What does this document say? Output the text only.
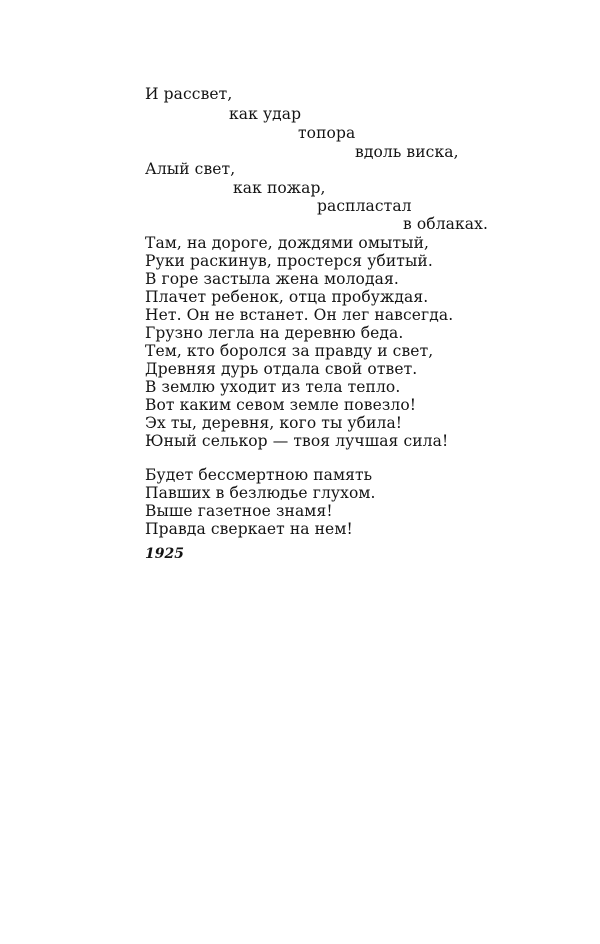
И рассвет,
как удар
топора
вдоль виска,
Алый свет,
как пожар,
распластал
в облаках.
Там, на дороге, дождями омытый,
Руки раскинув, простерся убитый.
В горе застыла жена молодая.
Плачет ребенок, отца пробуждая.
Нет. Он не встанет. Он лег навсегда.
Грузно легла на деревню беда.
Тем, кто боролся за правду и свет,
Древняя дурь отдала свой ответ.
В землю уходит из тела тепло.
Вот каким севом земле повезло!
Эх ты, деревня, кого ты убила!
Юный селькор — твоя лучшая сила!
Будет бессмертною память
Павших в безлюдье глухом.
Выше газетное знамя!
Правда сверкает на нем!
1925
